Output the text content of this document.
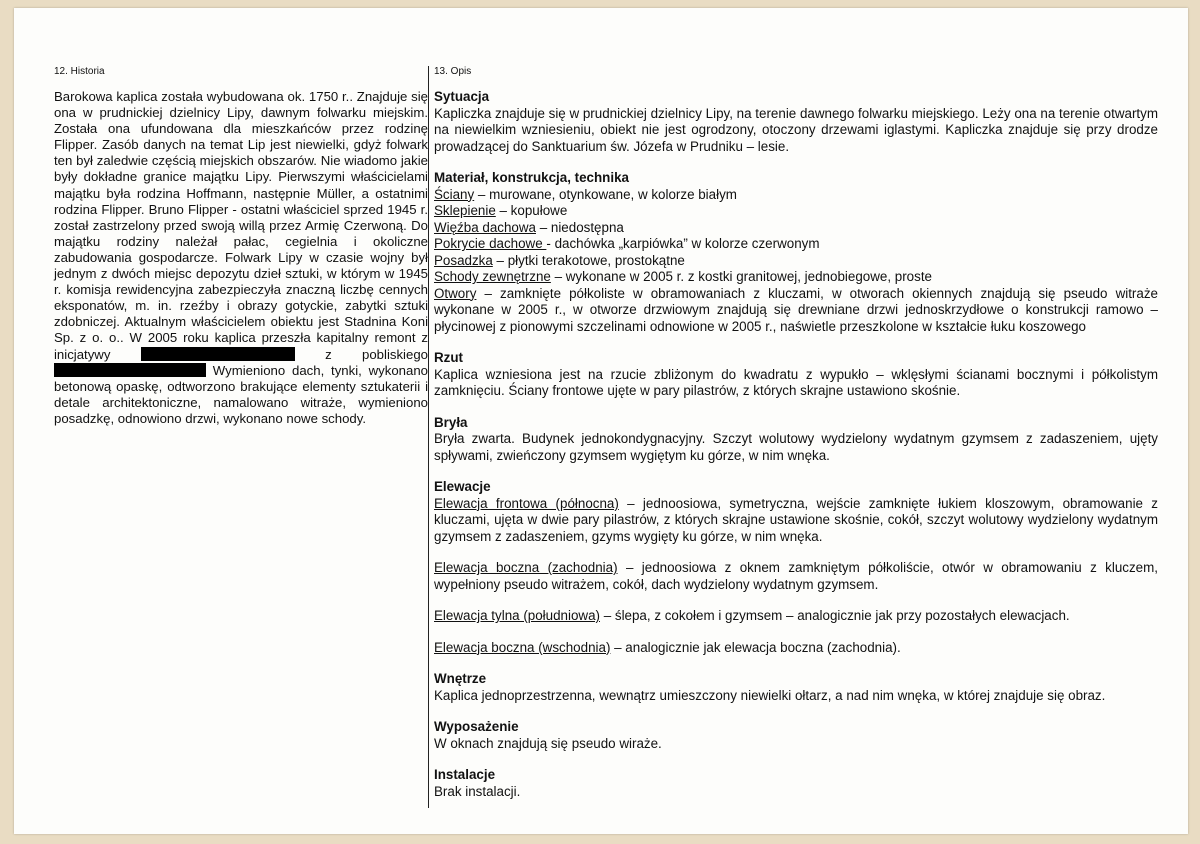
12. Historia

Barokowa kaplica została wybudowana ok. 1750 r.. Znajduje się ona w prudnickiej dzielnicy Lipy, dawnym folwarku miejskim. Została ona ufundowana dla mieszkańców przez rodzinę Flipper. Zasób danych na temat Lip jest niewielki, gdyż folwark ten był zaledwie częścią miejskich obszarów. Nie wiadomo jakie były dokładne granice majątku Lipy. Pierwszymi właścicielami majątku była rodzina Hoffmann, następnie Müller, a ostatnimi rodzina Flipper. Bruno Flipper - ostatni właściciel sprzed 1945 r. został zastrzelony przed swoją willą przez Armię Czerwoną. Do majątku rodziny należał pałac, cegielnia i okoliczne zabudowania gospodarcze. Folwark Lipy w czasie wojny był jednym z dwóch miejsc depozytu dzieł sztuki, w którym w 1945 r. komisja rewidencyjna zabezpieczyła znaczną liczbę cennych eksponatów, m. in. rzeźby i obrazy gotyckie, zabytki sztuki zdobniczej. Aktualnym właścicielem obiektu jest Stadnina Koni Sp. z o. o.. W 2005 roku kaplica przeszła kapitalny remont z inicjatywy	z pobliskiego  Wymieniono dach, tynki, wykonano betonową opaskę, odtworzono brakujące elementy sztukaterii i detale architektoniczne, namalowano witraże, wymieniono posadzkę, odnowiono drzwi, wykonano nowe schody.

13. Opis
Sytuacja

Kapliczka znajduje się w prudnickiej dzielnicy Lipy, na terenie dawnego folwarku miejskiego. Leży ona na terenie otwartym na niewielkim wzniesieniu, obiekt nie jest ogrodzony, otoczony drzewami iglastymi. Kapliczka znajduje się przy drodze prowadzącej do Sanktuarium św. Józefa w Prudniku – lesie.

Materiał, konstrukcja, technika
Ściany – murowane, otynkowane, w kolorze białym
Sklepienie – kopułowe
Więźba dachowa – niedostępna
Pokrycie dachowe - dachówka „karpiówka” w kolorze czerwonym
Posadzka – płytki terakotowe, prostokątne
Schody zewnętrzne – wykonane w 2005 r. z kostki granitowej, jednobiegowe, proste
Otwory – zamknięte półkoliste w obramowaniach z kluczami, w otworach okiennych znajdują się pseudo witraże wykonane w 2005 r., w otworze drzwiowym znajdują się drewniane drzwi jednoskrzydłowe o konstrukcji ramowo – płycinowej z pionowymi szczelinami odnowione w 2005 r., naświetle przeszkolone w kształcie łuku koszowego
Rzut

Kaplica wzniesiona jest na rzucie zbliżonym do kwadratu z wypukło – wklęsłymi ścianami bocznymi i półkolistym zamknięciu. Ściany frontowe ujęte w pary pilastrów, z których skrajne ustawiono skośnie.

Bryła

Bryła zwarta. Budynek jednokondygnacyjny. Szczyt wolutowy wydzielony wydatnym gzymsem z zadaszeniem, ujęty spływami, zwieńczony gzymsem wygiętym ku górze, w nim wnęka.

Elewacje

Elewacja frontowa (północna) – jednoosiowa, symetryczna, wejście zamknięte łukiem kloszowym, obramowanie z kluczami, ujęta w dwie pary pilastrów, z których skrajne ustawione skośnie, cokół, szczyt wolutowy wydzielony wydatnym gzymsem z zadaszeniem, gzyms wygięty ku górze, w nim wnęka.

Elewacja boczna (zachodnia) – jednoosiowa z oknem zamkniętym półkoliście, otwór w obramowaniu z kluczem, wypełniony pseudo witrażem, cokół, dach wydzielony wydatnym gzymsem.

Elewacja tylna (południowa) – ślepa, z cokołem i gzymsem – analogicznie jak przy pozostałych elewacjach.

Elewacja boczna (wschodnia) – analogicznie jak elewacja boczna (zachodnia).

Wnętrze

Kaplica jednoprzestrzenna, wewnątrz umieszczony niewielki ołtarz, a nad nim wnęka, w której znajduje się obraz.

Wyposażenie

W oknach znajdują się pseudo wiraże.

Instalacje

Brak instalacji.
